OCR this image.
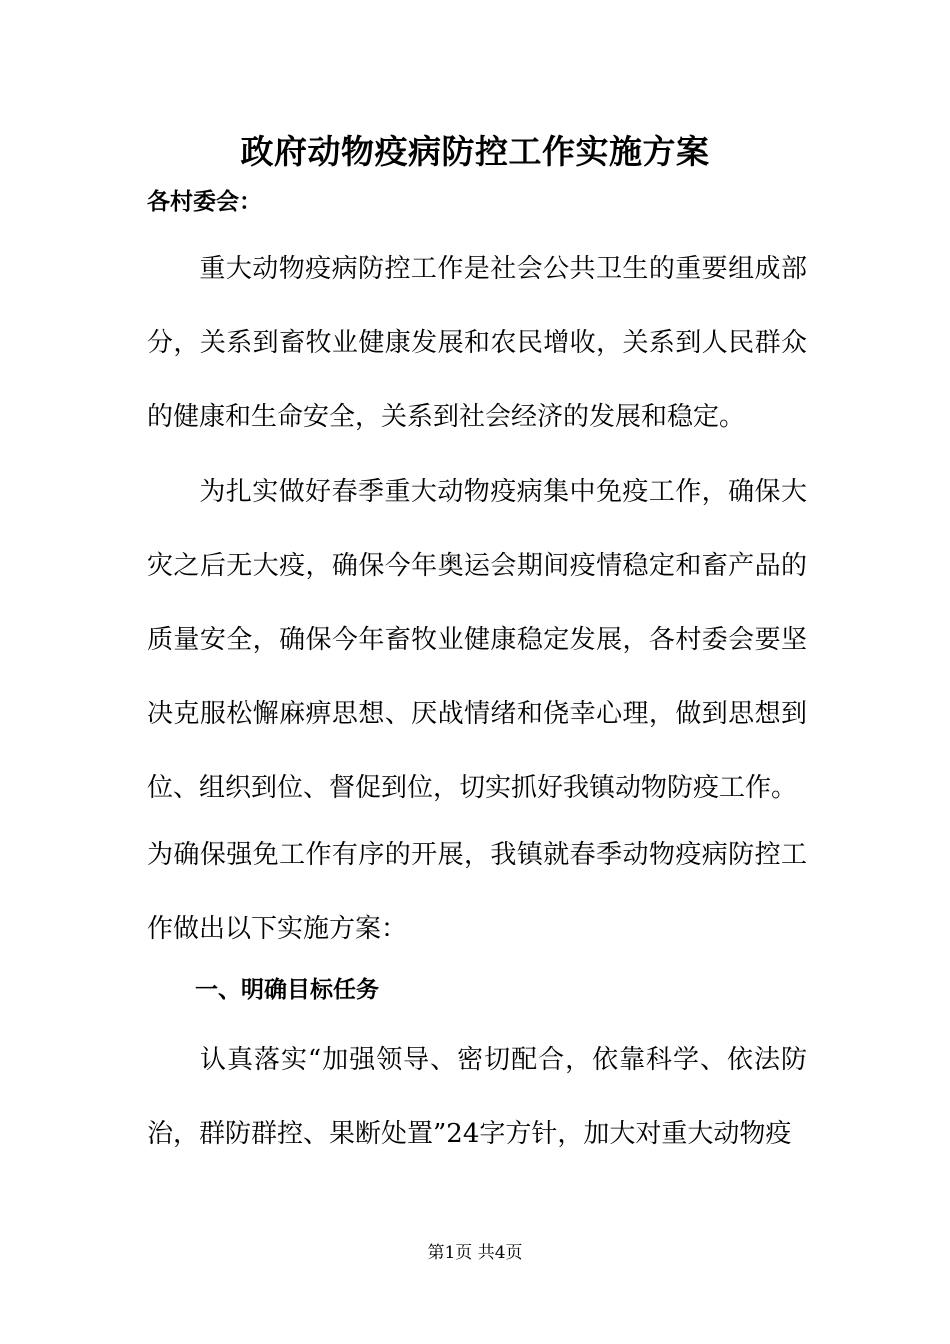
政府动物疫病防控工作实施方案
各村委会：
重大动物疫病防控工作是社会公共卫生的重要组成部分，关系到畜牧业健康发展和农民增收，关系到人民群众的健康和生命安全，关系到社会经济的发展和稳定。
为扎实做好春季重大动物疫病集中免疫工作，确保大灾之后无大疫，确保今年奥运会期间疫情稳定和畜产品的质量安全，确保今年畜牧业健康稳定发展，各村委会要坚决克服松懈麻痹思想、厌战情绪和侥幸心理，做到思想到位、组织到位、督促到位，切实抓好我镇动物防疫工作。
为确保强免工作有序的开展，我镇就春季动物疫病防控工作做出以下实施方案：
一、明确目标任务
认真落实“加强领导、密切配合，依靠科学、依法防治，群防群控、果断处置”24字方针，加大对重大动物疫
第1页 共4页
